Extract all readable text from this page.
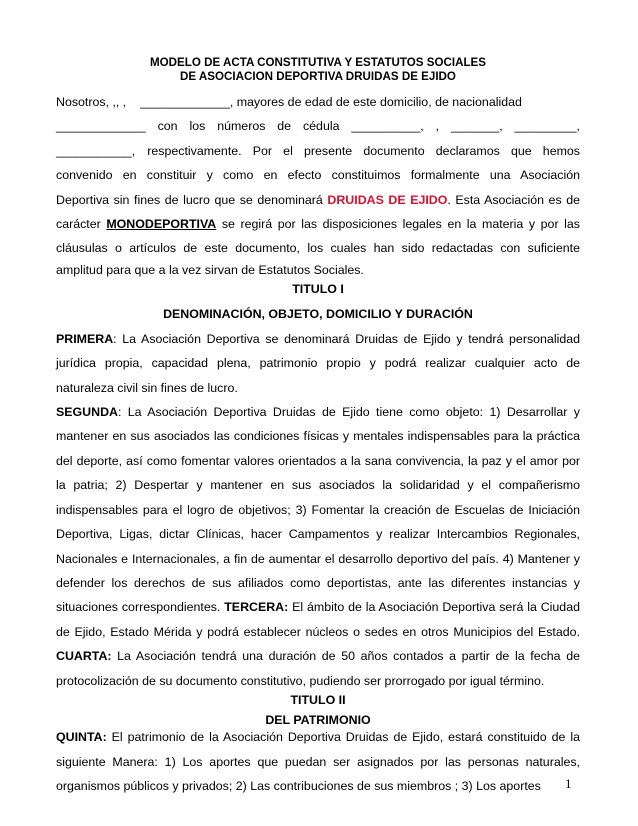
MODELO DE ACTA CONSTITUTIVA Y ESTATUTOS SOCIALES
DE ASOCIACION DEPORTIVA DRUIDAS DE EJIDO

Nosotros, ,, , _____________, mayores de edad de este domicilio, de nacionalidad

_____________ con los números de cédula __________, , _______, _________,

___________, respectivamente. Por el presente documento declaramos que hemos

convenido en constituir y como en efecto constituimos formalmente una Asociación

Deportiva sin fines de lucro que se denominará DRUIDAS DE EJIDO. Esta Asociación es de

carácter MONODEPORTIVA se regirá por las disposiciones legales en la materia y por las

cláusulas o artículos de este documento, los cuales han sido redactadas con suficiente

amplitud para que a la vez sirvan de Estatutos Sociales.

TITULO I
DENOMINACIÓN, OBJETO, DOMICILIO Y DURACIÓN

PRIMERA: La Asociación Deportiva se denominará Druidas de Ejido y tendrá personalidad jurídica propia, capacidad plena, patrimonio propio y podrá realizar cualquier acto de naturaleza civil sin fines de lucro.

SEGUNDA: La Asociación Deportiva Druidas de Ejido tiene como objeto: 1) Desarrollar y mantener en sus asociados las condiciones físicas y mentales indispensables para la práctica del deporte, así como fomentar valores orientados a la sana convivencia, la paz y el amor por la patria; 2) Despertar y mantener en sus asociados la solidaridad y el compañerismo indispensables para el logro de objetivos; 3) Fomentar la creación de Escuelas de Iniciación Deportiva, Ligas, dictar Clínicas, hacer Campamentos y realizar Intercambios Regionales, Nacionales e Internacionales, a fin de aumentar el desarrollo deportivo del país. 4) Mantener y defender los derechos de sus afiliados como deportistas, ante las diferentes instancias y situaciones correspondientes. TERCERA: El ámbito de la Asociación Deportiva será la Ciudad de Ejido, Estado Mérida y podrá establecer núcleos o sedes en otros Municipios del Estado. CUARTA: La Asociación tendrá una duración de 50 años contados a partir de la fecha de protocolización de su documento constitutivo, pudiendo ser prorrogado por igual término.

TITULO II
DEL PATRIMONIO

QUINTA: El patrimonio de la Asociación Deportiva Druidas de Ejido, estará constituido de la siguiente Manera: 1) Los aportes que puedan ser asignados por las personas naturales, organismos públicos y privados; 2) Las contribuciones de sus miembros ; 3) Los aportes	1
